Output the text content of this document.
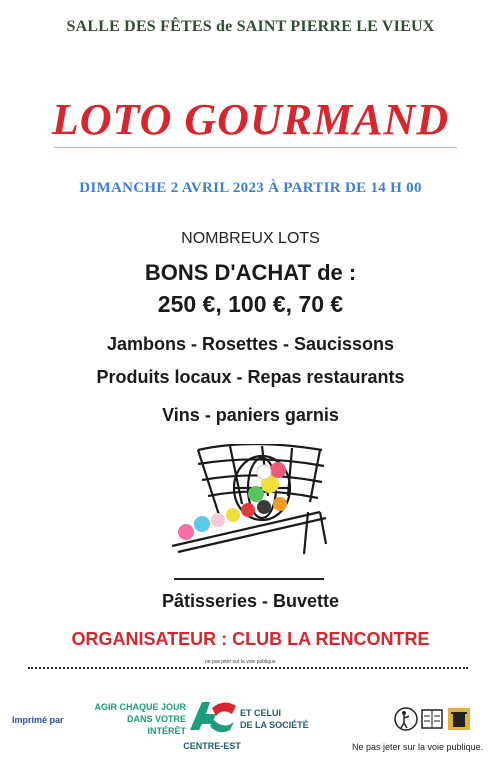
SALLE DES FÊTES de SAINT PIERRE LE VIEUX
LOTO GOURMAND
DIMANCHE 2 AVRIL 2023 À PARTIR DE 14 H 00
NOMBREUX LOTS
BONS D'ACHAT de :
250 €, 100 €, 70 €
Jambons - Rosettes - Saucissons
Produits locaux - Repas restaurants
Vins - paniers garnis
Pâtisseries - Buvette
ORGANISATEUR : CLUB LA RENCONTRE
ne pas jeter sur la voie publique
Imprimé par
AGIR CHAQUE JOUR
DANS VOTRE INTÉRÊT
ET CELUI
DE LA SOCIÉTÉ
CENTRE-EST	Ne pas jeter sur la voie publique.
